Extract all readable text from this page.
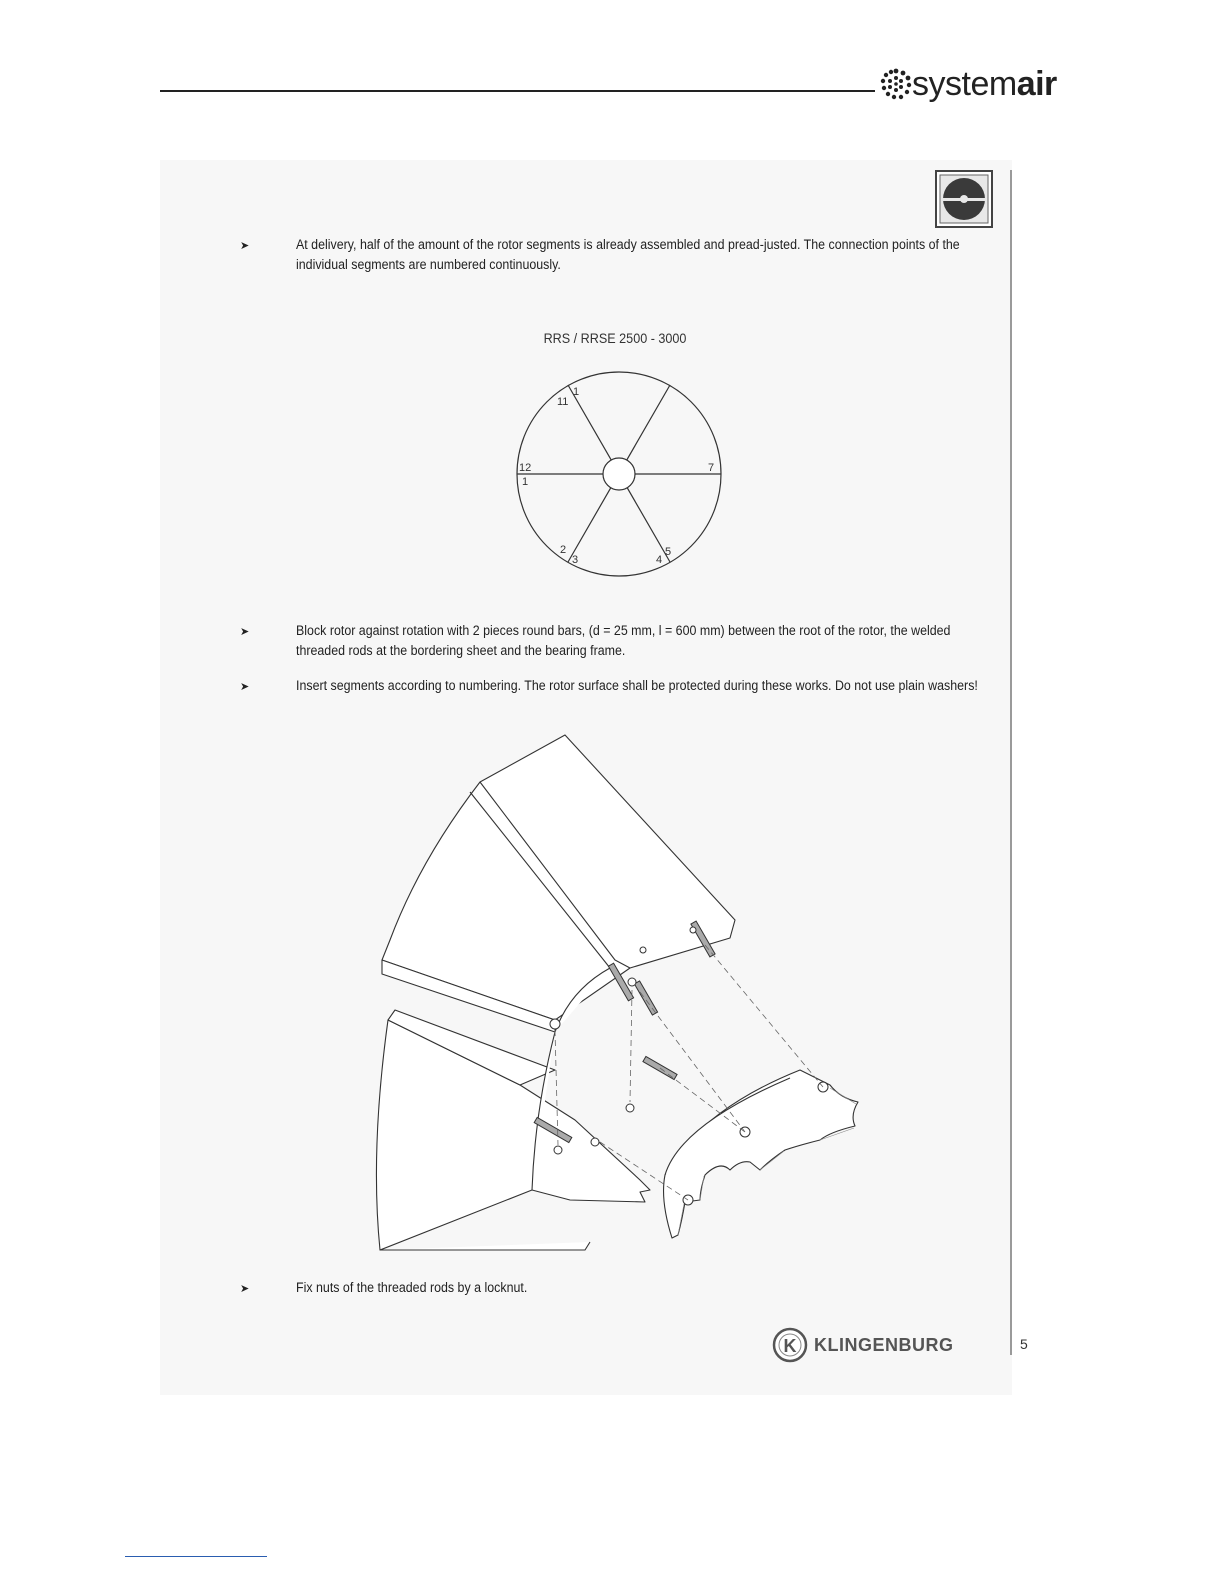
systemair
➤	At delivery, half of the amount of the rotor segments is already assembled and pread-justed. The connection points of the individual segments are numbered continuously.
RRS / RRSE 2500 - 3000
1
11
12
1
7
2
3	4
5
➤	Block rotor against rotation with 2 pieces round bars, (d = 25 mm, l = 600 mm) between the root of the rotor, the welded threaded rods at the bordering sheet and the bearing frame.
➤	Insert segments according to numbering. The rotor surface shall be protected during these works. Do not use plain washers!
➤	Fix nuts of the threaded rods by a locknut.
K KLINGENBURG	5
